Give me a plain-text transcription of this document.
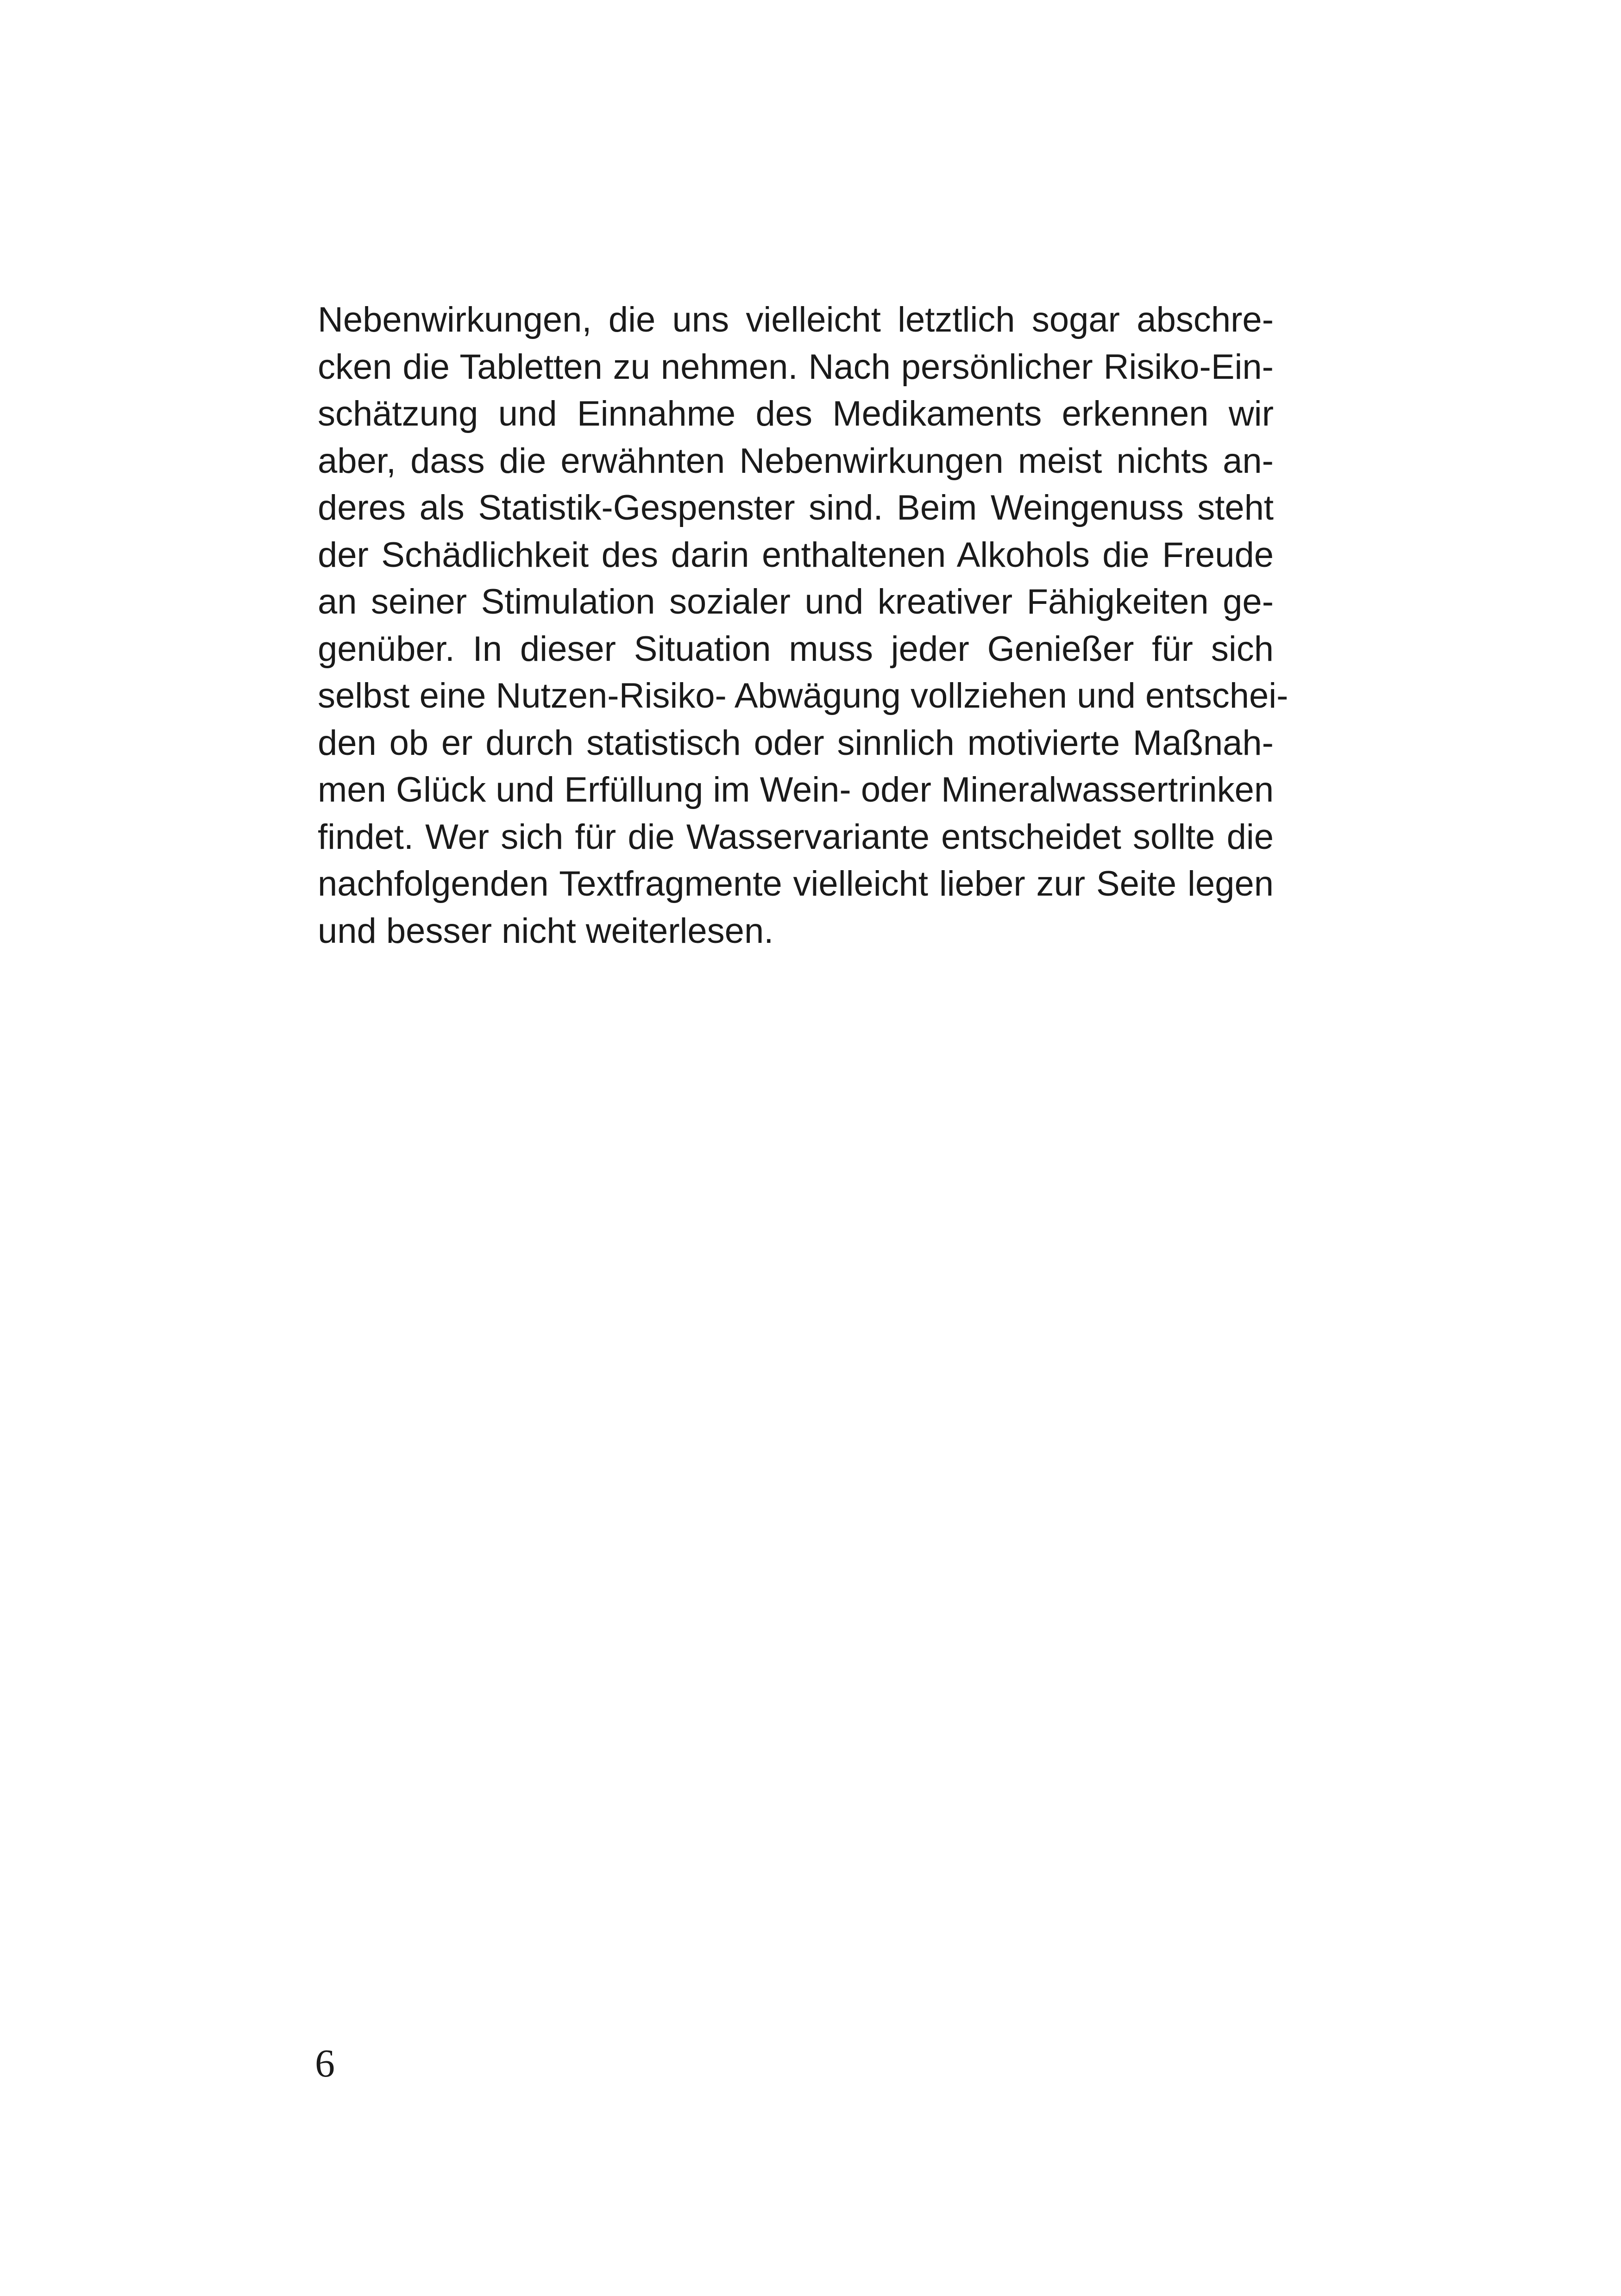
Nebenwirkungen, die uns vielleicht letztlich sogar abschre-
cken die Tabletten zu nehmen. Nach persönlicher Risiko-Ein-
schätzung und Einnahme des Medikaments erkennen wir
aber, dass die erwähnten Nebenwirkungen meist nichts an-
deres als Statistik-Gespenster sind. Beim Weingenuss steht
der Schädlichkeit des darin enthaltenen Alkohols die Freude
an seiner Stimulation sozialer und kreativer Fähigkeiten ge-
genüber. In dieser Situation muss jeder Genießer für sich
selbst eine Nutzen-Risiko- Abwägung vollziehen und entschei-
den ob er durch statistisch oder sinnlich motivierte Maßnah-
men Glück und Erfüllung im Wein- oder Mineralwassertrinken
findet. Wer sich für die Wasservariante entscheidet sollte die
nachfolgenden Textfragmente vielleicht lieber zur Seite legen
und besser nicht weiterlesen.
6
